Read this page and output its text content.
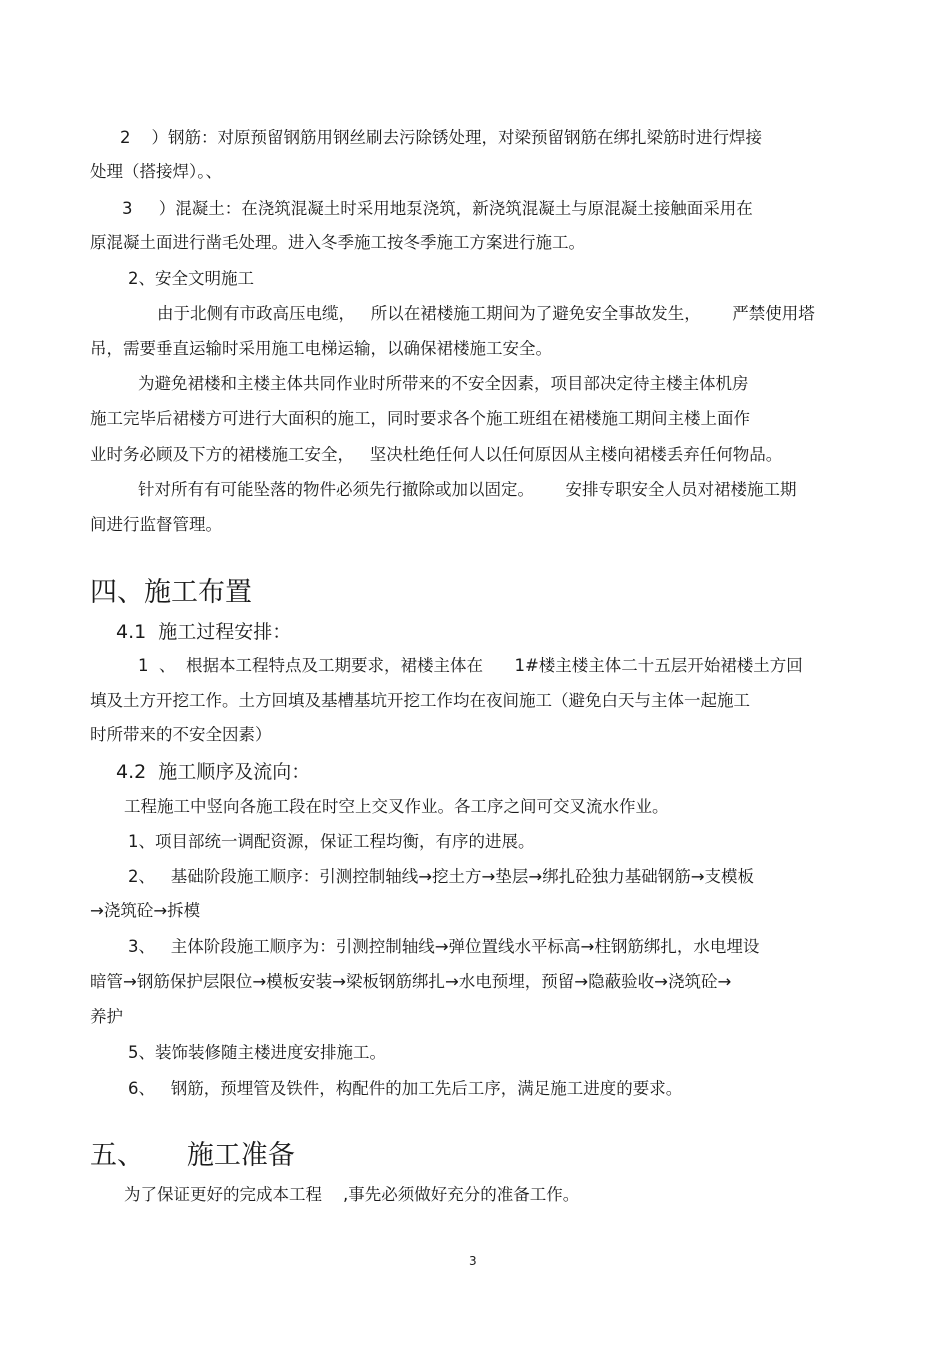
2    ）钢筋：对原预留钢筋用钢丝刷去污除锈处理，对梁预留钢筋在绑扎梁筋时进行焊接
处理（搭接焊）。、
3     ）混凝土：在浇筑混凝土时采用地泵浇筑，新浇筑混凝土与原混凝土接触面采用在
原混凝土面进行凿毛处理。进入冬季施工按冬季施工方案进行施工。
2、安全文明施工
由于北侧有市政高压电缆，   所以在裙楼施工期间为了避免安全事故发生，      严禁使用塔
吊，需要垂直运输时采用施工电梯运输，以确保裙楼施工安全。
为避免裙楼和主楼主体共同作业时所带来的不安全因素，项目部决定待主楼主体机房
施工完毕后裙楼方可进行大面积的施工，同时要求各个施工班组在裙楼施工期间主楼上面作
业时务必顾及下方的裙楼施工安全，   坚决杜绝任何人以任何原因从主楼向裙楼丢弃任何物品。
针对所有有可能坠落的物件必须先行撤除或加以固定。      安排专职安全人员对裙楼施工期
间进行监督管理。
四、施工布置
4.1  施工过程安排：
1  、  根据本工程特点及工期要求，裙楼主体在      1#楼主楼主体二十五层开始裙楼土方回
填及土方开挖工作。土方回填及基槽基坑开挖工作均在夜间施工（避免白天与主体一起施工
时所带来的不安全因素）
4.2  施工顺序及流向：
工程施工中竖向各施工段在时空上交叉作业。各工序之间可交叉流水作业。
1、项目部统一调配资源，保证工程均衡，有序的进展。
2、   基础阶段施工顺序：引测控制轴线→挖土方→垫层→绑扎砼独力基础钢筋→支模板
→浇筑砼→拆模
3、   主体阶段施工顺序为：引测控制轴线→弹位置线水平标高→柱钢筋绑扎，水电埋设
暗管→钢筋保护层限位→模板安装→梁板钢筋绑扎→水电预埋，预留→隐蔽验收→浇筑砼→
养护
5、装饰装修随主楼进度安排施工。
6、   钢筋，预埋管及铁件，构配件的加工先后工序，满足施工进度的要求。
五、     施工准备
为了保证更好的完成本工程    ,事先必须做好充分的准备工作。
3
